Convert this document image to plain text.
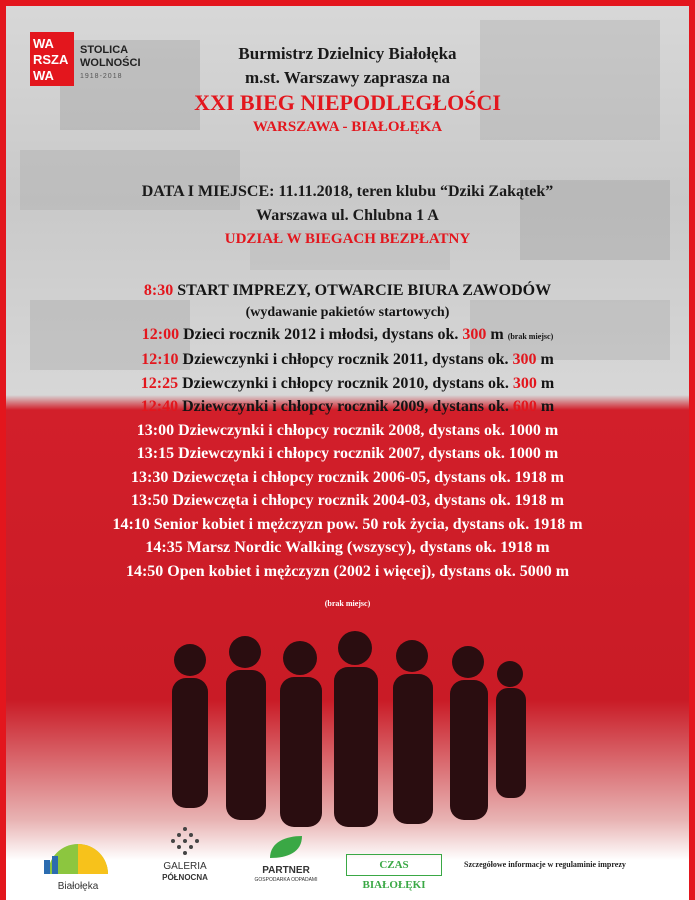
WA
RSZA
WA
STOLICA
WOLNOŚCI
1918-2018
Burmistrz Dzielnicy Białołęka
m.st. Warszawy zaprasza na
XXI BIEG NIEPODLEGŁOŚCI
WARSZAWA - BIAŁOŁĘKA
DATA I MIEJSCE: 11.11.2018, teren klubu “Dziki Zakątek”
Warszawa ul. Chlubna 1 A
UDZIAŁ W BIEGACH BEZPŁATNY
8:30 START IMPREZY, OTWARCIE BIURA ZAWODÓW
(wydawanie pakietów startowych)
12:00 Dzieci rocznik 2012 i młodsi, dystans ok. 300 m (brak miejsc)
12:10 Dziewczynki i chłopcy rocznik 2011, dystans ok. 300 m
12:25 Dziewczynki i chłopcy rocznik 2010, dystans ok. 300 m
12:40 Dziewczynki i chłopcy rocznik 2009, dystans ok. 600 m
13:00 Dziewczynki i chłopcy rocznik 2008, dystans ok. 1000 m
13:15 Dziewczynki i chłopcy rocznik 2007, dystans ok. 1000 m
13:30 Dziewczęta i chłopcy rocznik 2006-05, dystans ok. 1918 m
13:50 Dziewczęta i chłopcy rocznik 2004-03, dystans ok. 1918 m
14:10 Senior kobiet i mężczyzn pow. 50 rok życia, dystans ok. 1918 m
14:35 Marsz Nordic Walking (wszyscy), dystans ok. 1918 m
14:50 Open kobiet i mężczyzn (2002 i więcej), dystans ok. 5000 m
(brak miejsc)
Białołęka
GALERIA
PÓŁNOCNA
PARTNER
GOSPODARKA ODPADAMI
CZAS BIAŁOŁĘKI
Szczegółowe informacje w regulaminie imprezy
